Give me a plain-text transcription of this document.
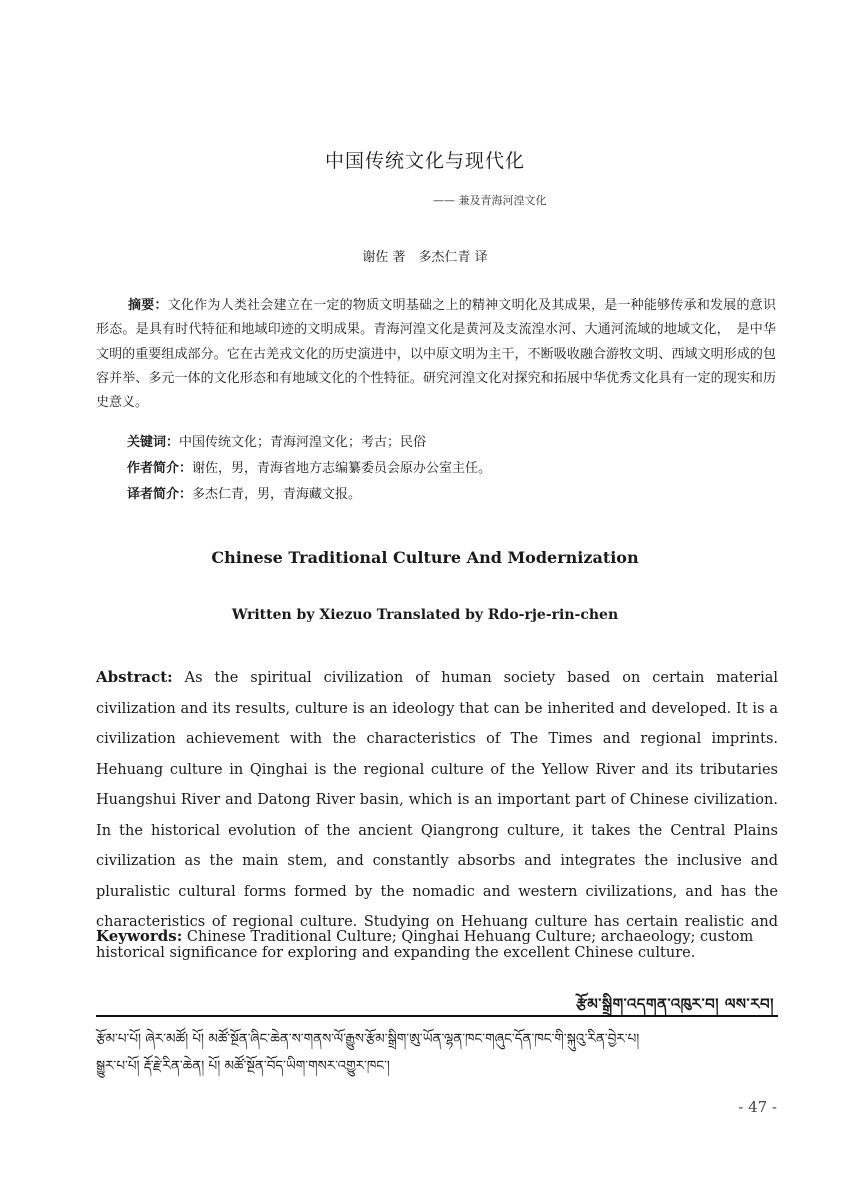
中国传统文化与现代化
—— 兼及青海河湟文化
谢佐 著　多杰仁青 译
摘要：文化作为人类社会建立在一定的物质文明基础之上的精神文明化及其成果，是一种能够传承和发展的意识形态。是具有时代特征和地域印迹的文明成果。青海河湟文化是黄河及支流湟水河、大通河流域的地域文化，　是中华文明的重要组成部分。它在古羌戎文化的历史演进中，以中原文明为主干，不断吸收融合游牧文明、西域文明形成的包容并举、多元一体的文化形态和有地域文化的个性特征。研究河湟文化对探究和拓展中华优秀文化具有一定的现实和历史意义。
关键词：中国传统文化；青海河湟文化；考古；民俗
作者简介：谢佐，男，青海省地方志编纂委员会原办公室主任。
译者简介：多杰仁青，男，青海藏文报。
Chinese Traditional Culture And Modernization
Written by Xiezuo Translated by Rdo-rje-rin-chen
Abstract: As the spiritual civilization of human society based on certain material civilization and its results, culture is an ideology that can be inherited and developed. It is a civilization achievement with the characteristics of The Times and regional imprints. Hehuang culture in Qinghai is the regional culture of the Yellow River and its tributaries Huangshui River and Datong River basin, which is an important part of Chinese civilization. In the historical evolution of the ancient Qiangrong culture, it takes the Central Plains civilization as the main stem, and constantly absorbs and integrates the inclusive and pluralistic cultural forms formed by the nomadic and western civilizations, and has the characteristics of regional culture. Studying on Hehuang culture has certain realistic and historical significance for exploring and expanding the excellent Chinese culture.
Keywords: Chinese Traditional Culture; Qinghai Hehuang Culture; archaeology; custom
རྩོམ་སྒྲིག་འདགན་འཁུར་བ། ལས་རབ།
རྩོམ་པ་པོ། ཞེར་མཚོ། པོ། མཚོ་སྔོན་ཞིང་ཆེན་ས་གནས་ལོ་རྒྱུས་རྩོམ་སྒྲིག་ཨུ་ཡོན་ལྷན་ཁང་གཞུང་དོན་ཁང་གི་སྐུའུ་རིན་བྱེར་པ།
སྒྱུར་པ་པོ། རྡོ་རྗེ་རིན་ཆེན། པོ། མཚོ་སྔོན་བོད་ཡིག་གསར་འགྱུར་ཁང་།
- 47 -
